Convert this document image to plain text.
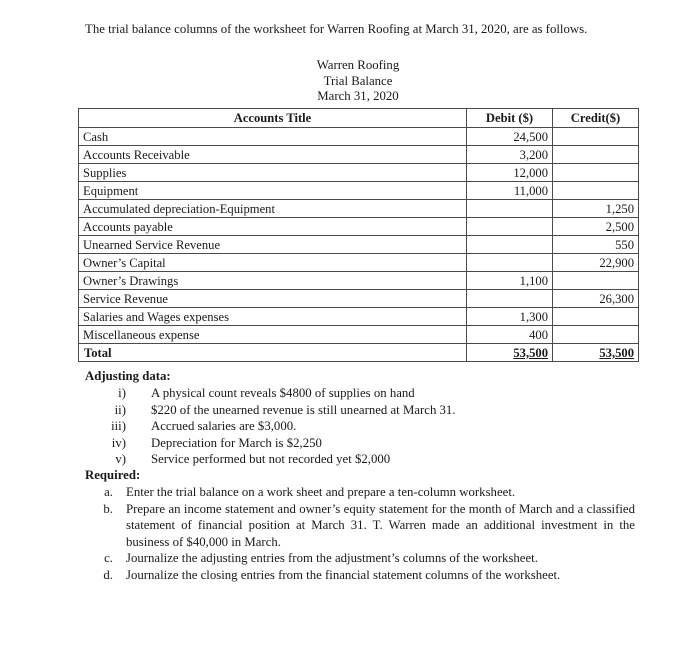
The trial balance columns of the worksheet for Warren Roofing at March 31, 2020, are as follows.

Warren Roofing
Trial Balance
March 31, 2020
Accounts Title	Debit ($)	Credit($)
Cash	24,500	
Accounts Receivable	3,200	
Supplies	12,000	
Equipment	11,000	
Accumulated depreciation-Equipment		1,250
Accounts payable		2,500
Unearned Service Revenue		550
Owner’s Capital		22,900
Owner’s Drawings	1,100	
Service Revenue		26,300
Salaries and Wages expenses	1,300	
Miscellaneous expense	400	
Total	53,500	53,500
Adjusting data:
i)	A physical count reveals $4800 of supplies on hand
ii)	$220 of the unearned revenue is still unearned at March 31.
iii)	Accrued salaries are $3,000.
iv)	Depreciation for March is $2,250
v)	Service performed but not recorded yet $2,000
Required:
a.	Enter the trial balance on a work sheet and prepare a ten-column worksheet.
b.	Prepare an income statement and owner’s equity statement for the month of March and a classified statement of financial position at March 31. T. Warren made an additional investment in the business of $40,000 in March.
c.	Journalize the adjusting entries from the adjustment’s columns of the worksheet.
d.	Journalize the closing entries from the financial statement columns of the worksheet.
